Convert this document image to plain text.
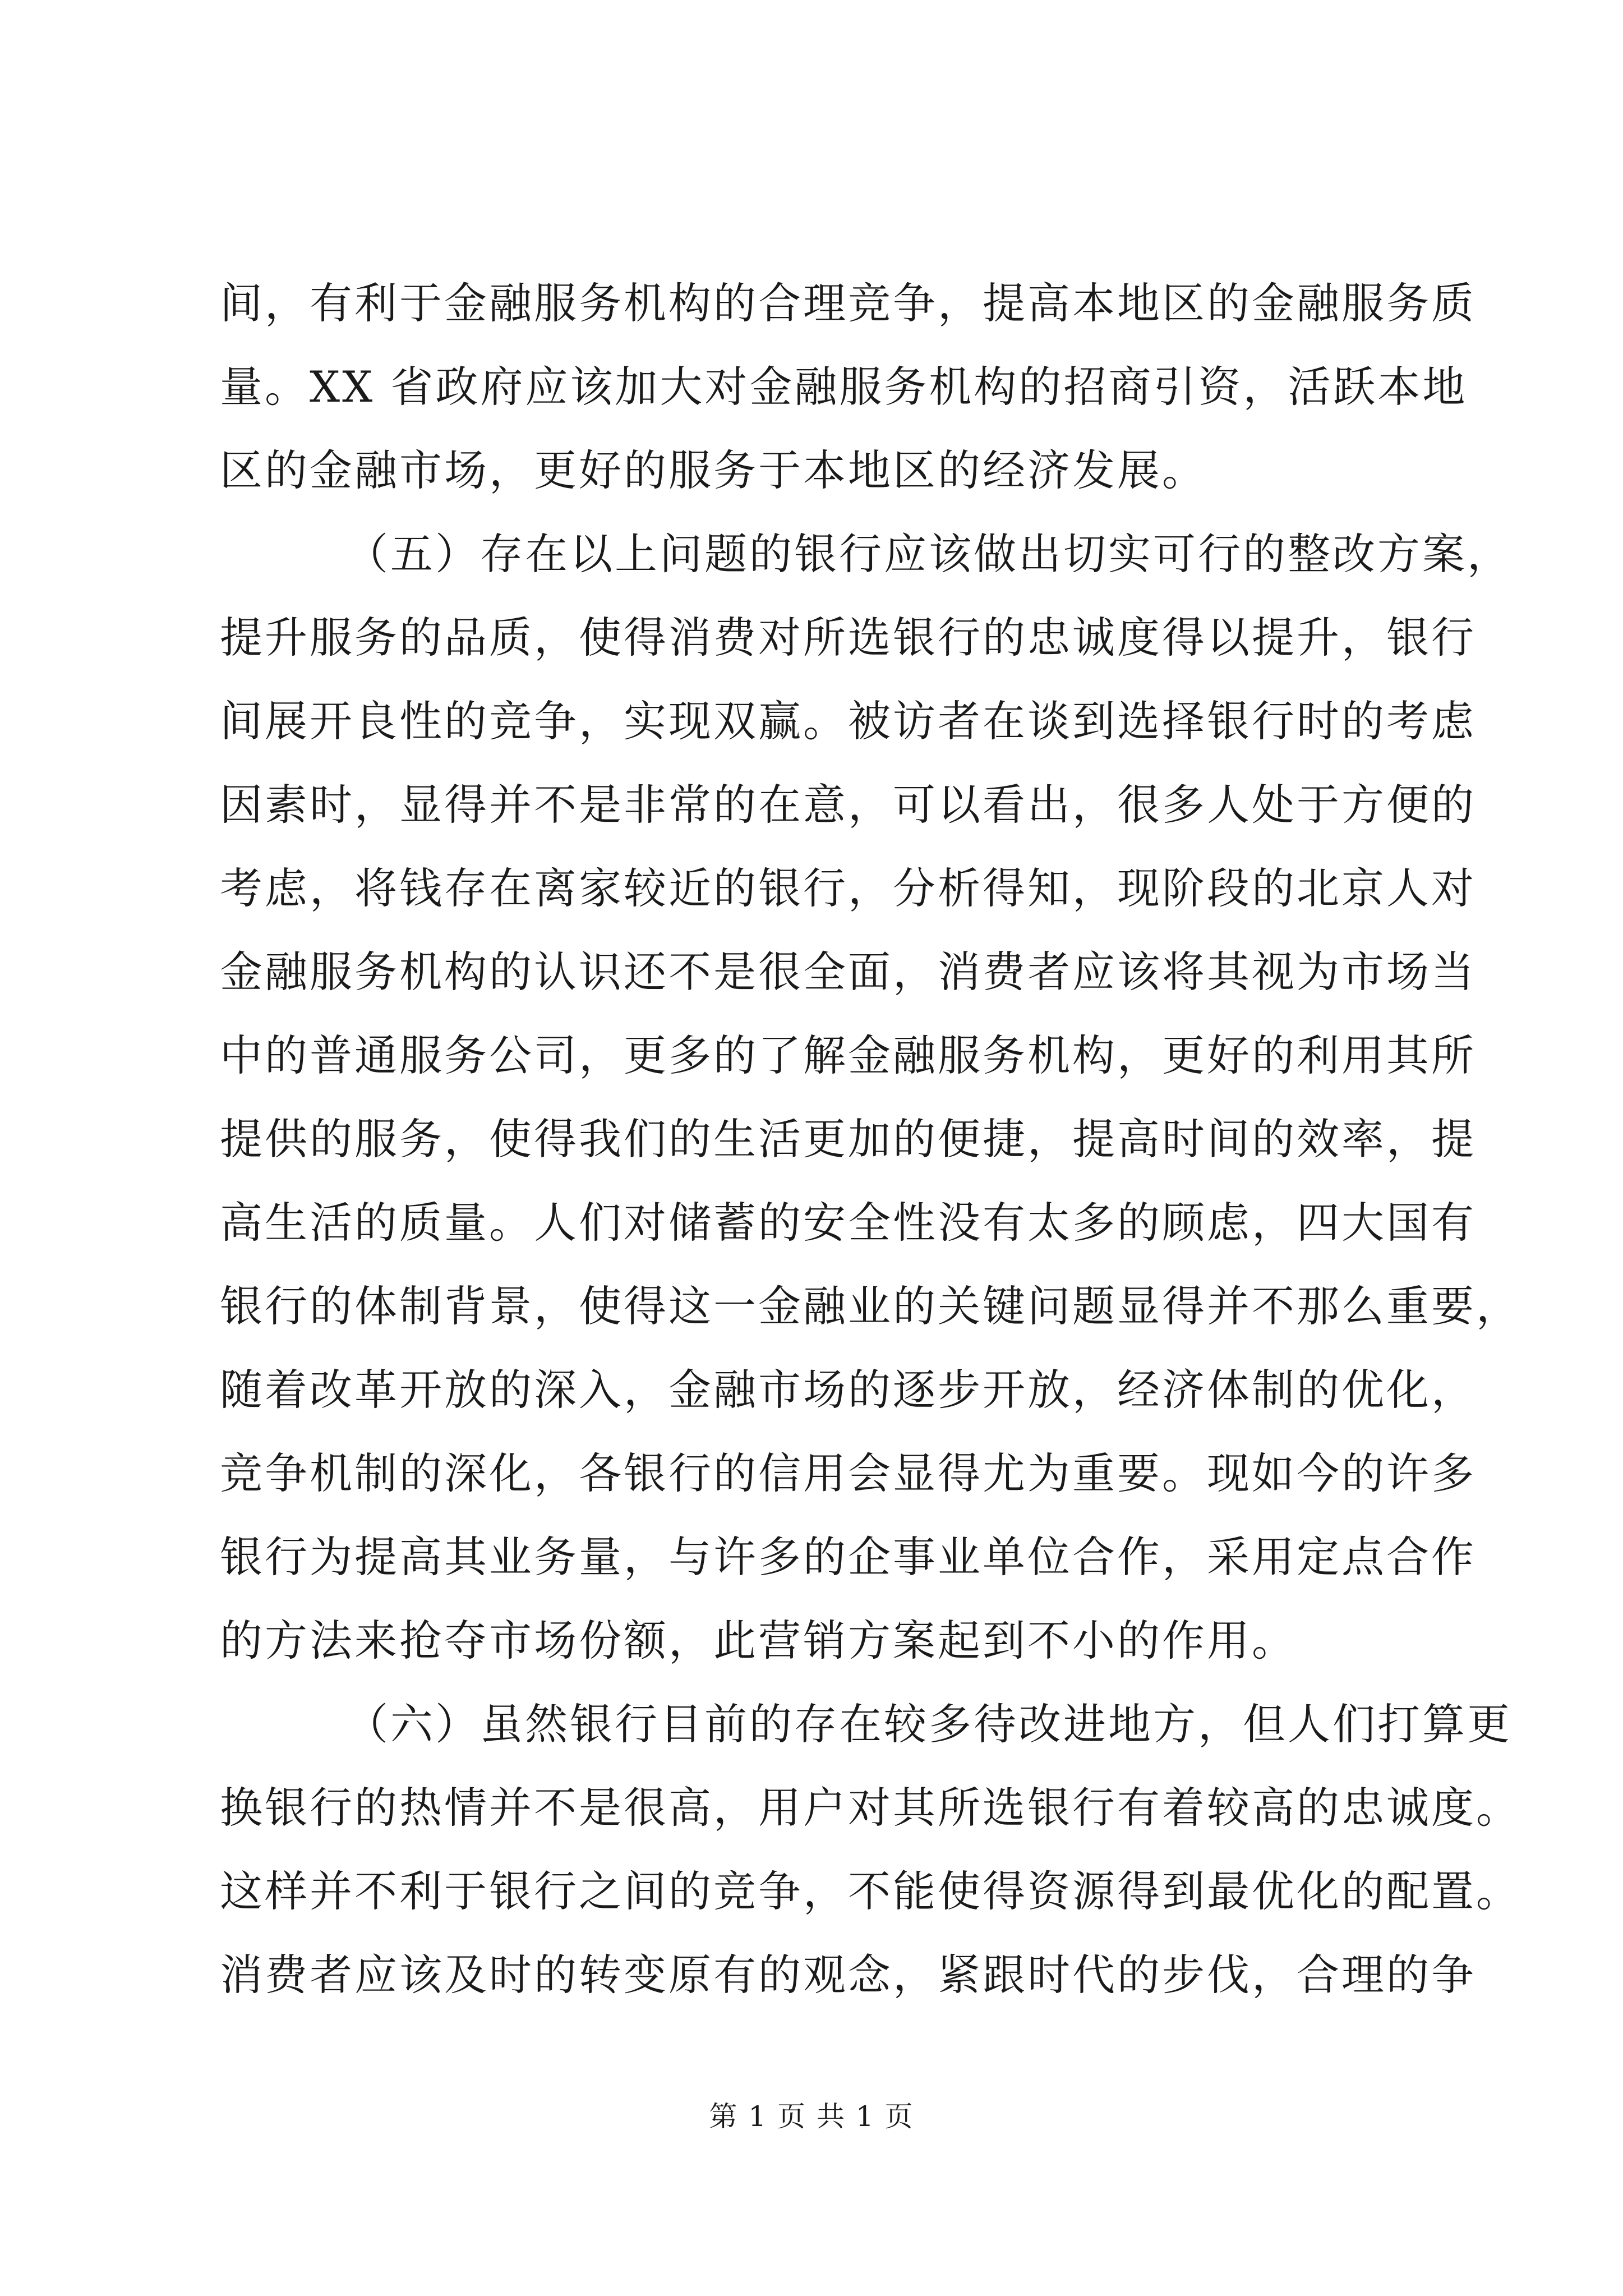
间，有利于金融服务机构的合理竞争，提高本地区的金融服务质
量。XX 省政府应该加大对金融服务机构的招商引资，活跃本地
区的金融市场，更好的服务于本地区的经济发展。
（五）存在以上问题的银行应该做出切实可行的整改方案，
提升服务的品质，使得消费对所选银行的忠诚度得以提升，银行
间展开良性的竞争，实现双赢。被访者在谈到选择银行时的考虑
因素时，显得并不是非常的在意，可以看出，很多人处于方便的
考虑，将钱存在离家较近的银行，分析得知，现阶段的北京人对
金融服务机构的认识还不是很全面，消费者应该将其视为市场当
中的普通服务公司，更多的了解金融服务机构，更好的利用其所
提供的服务，使得我们的生活更加的便捷，提高时间的效率，提
高生活的质量。人们对储蓄的安全性没有太多的顾虑，四大国有
银行的体制背景，使得这一金融业的关键问题显得并不那么重要，
随着改革开放的深入，金融市场的逐步开放，经济体制的优化，
竞争机制的深化，各银行的信用会显得尤为重要。现如今的许多
银行为提高其业务量，与许多的企事业单位合作，采用定点合作
的方法来抢夺市场份额，此营销方案起到不小的作用。
（六）虽然银行目前的存在较多待改进地方，但人们打算更
换银行的热情并不是很高，用户对其所选银行有着较高的忠诚度。
这样并不利于银行之间的竞争，不能使得资源得到最优化的配置。
消费者应该及时的转变原有的观念，紧跟时代的步伐，合理的争
第 1 页 共 1 页
